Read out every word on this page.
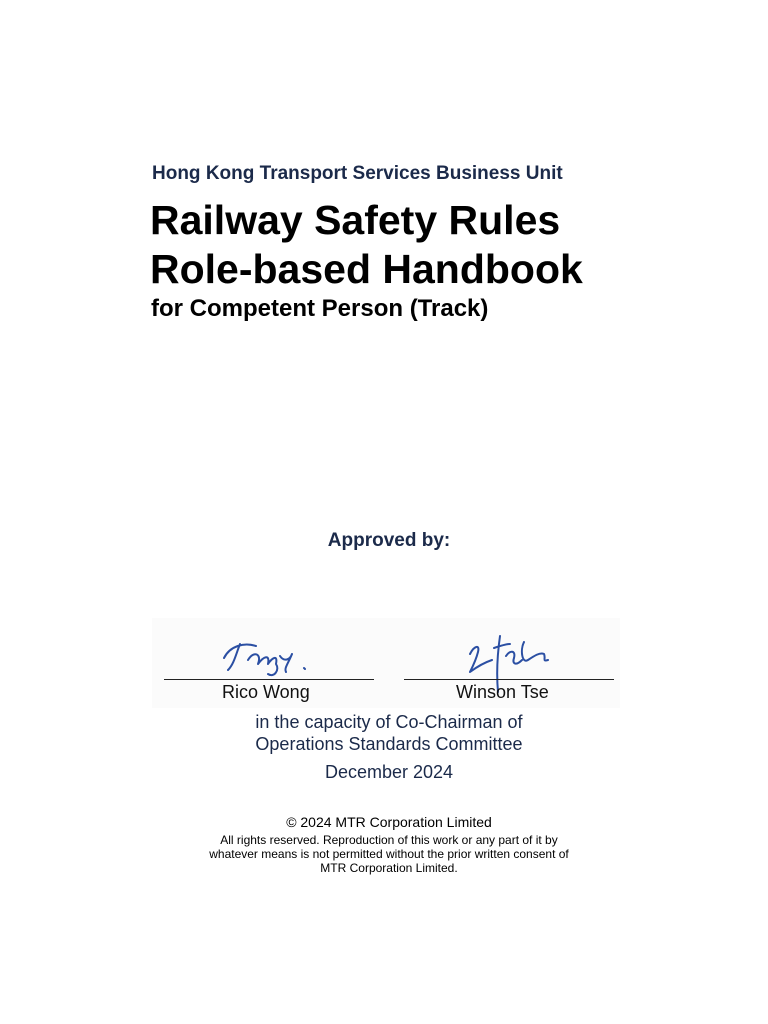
Hong Kong Transport Services Business Unit
Railway Safety Rules
Role-based Handbook
for Competent Person (Track)
Approved by:
Rico Wong	Winson Tse
in the capacity of Co-Chairman of
Operations Standards Committee
December 2024
© 2024 MTR Corporation Limited
All rights reserved. Reproduction of this work or any part of it by
whatever means is not permitted without the prior written consent of
MTR Corporation Limited.
